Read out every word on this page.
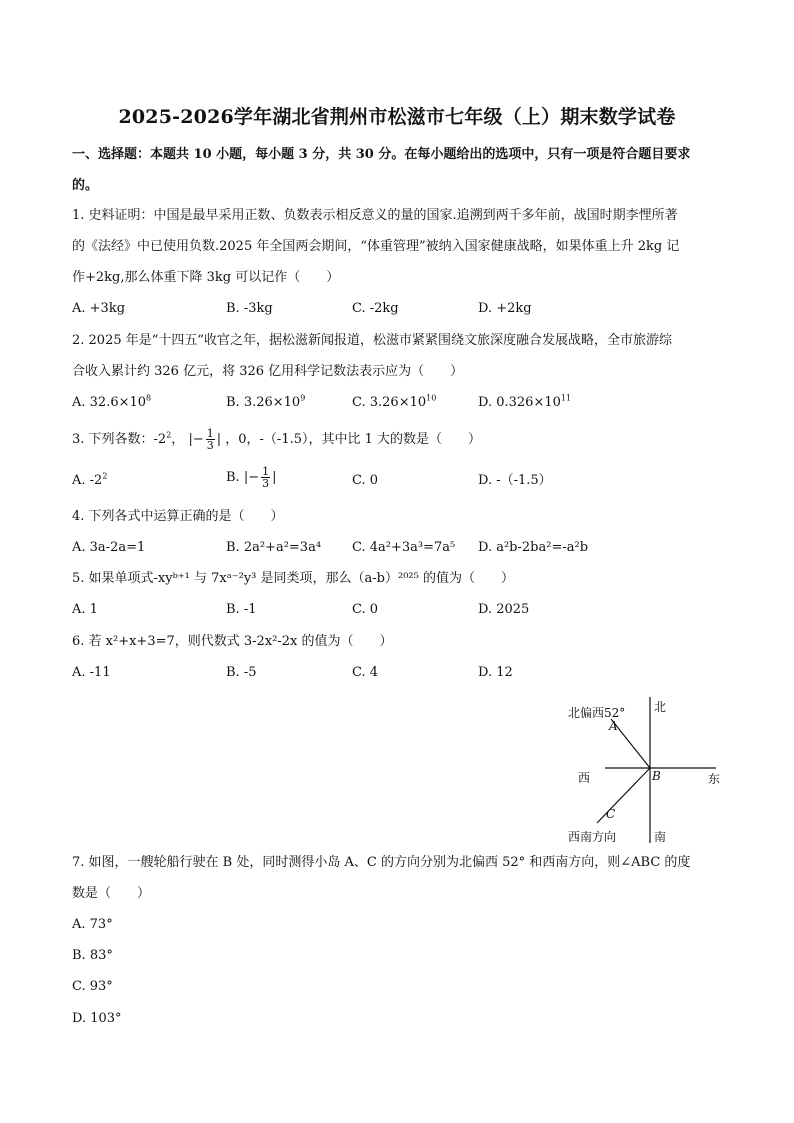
2025-2026学年湖北省荆州市松滋市七年级（上）期末数学试卷
一、选择题：本题共 10 小题，每小题 3 分，共 30 分。在每小题给出的选项中，只有一项是符合题目要求
的。
1. 史料证明：中国是最早采用正数、负数表示相反意义的量的国家.追溯到两千多年前，战国时期李悝所著
的《法经》中已使用负数.2025 年全国两会期间，“体重管理”被纳入国家健康战略，如果体重上升 2kg 记
作+2kg,那么体重下降 3kg 可以记作（　　）
A. +3kg	B. -3kg	C. -2kg	D. +2kg
2. 2025 年是“十四五”收官之年，据松滋新闻报道，松滋市紧紧围绕文旅深度融合发展战略，全市旅游综
合收入累计约 326 亿元，将 326 亿用科学记数法表示应为（　　）
A. $32.6\times 10^8$	B. $3.26\times 10^9$	C. $3.26\times 10^{10}$	D. $0.326\times 10^{11}$
3. 下列各数：$-2^2$， |− $\frac{1}{3}$ | ，0，-（-1.5），其中比 1 大的数是（　　）
A. $-2^2$	B. |− $\frac{1}{3}$ |	C. 0	D. -（-1.5）
4. 下列各式中运算正确的是（　　）
A. 3a-2a=1	B. 2a²+a²=3a⁴ C. 4a²+3a³=7a⁵ D. a²b-2ba²=-a²b
5. 如果单项式-xyᵇ⁺¹ 与 7xᵃ⁻²y³ 是同类项，那么（a-b）²⁰²⁵ 的值为（　　）
A. 1	B. -1	C. 0	D. 2025
6. 若 x²+x+3=7，则代数式 3-2x²-2x 的值为（　　）
A. -11	B. -5	C. 4	D. 12
北偏西52° 北
A
西	B	东
C
西南方向	南
7. 如图，一艘轮船行驶在 B 处，同时测得小岛 A、C 的方向分别为北偏西 52° 和西南方向，则∠ABC 的度
数是（　　）
A. 73°
B. 83°
C. 93°
D. 103°
